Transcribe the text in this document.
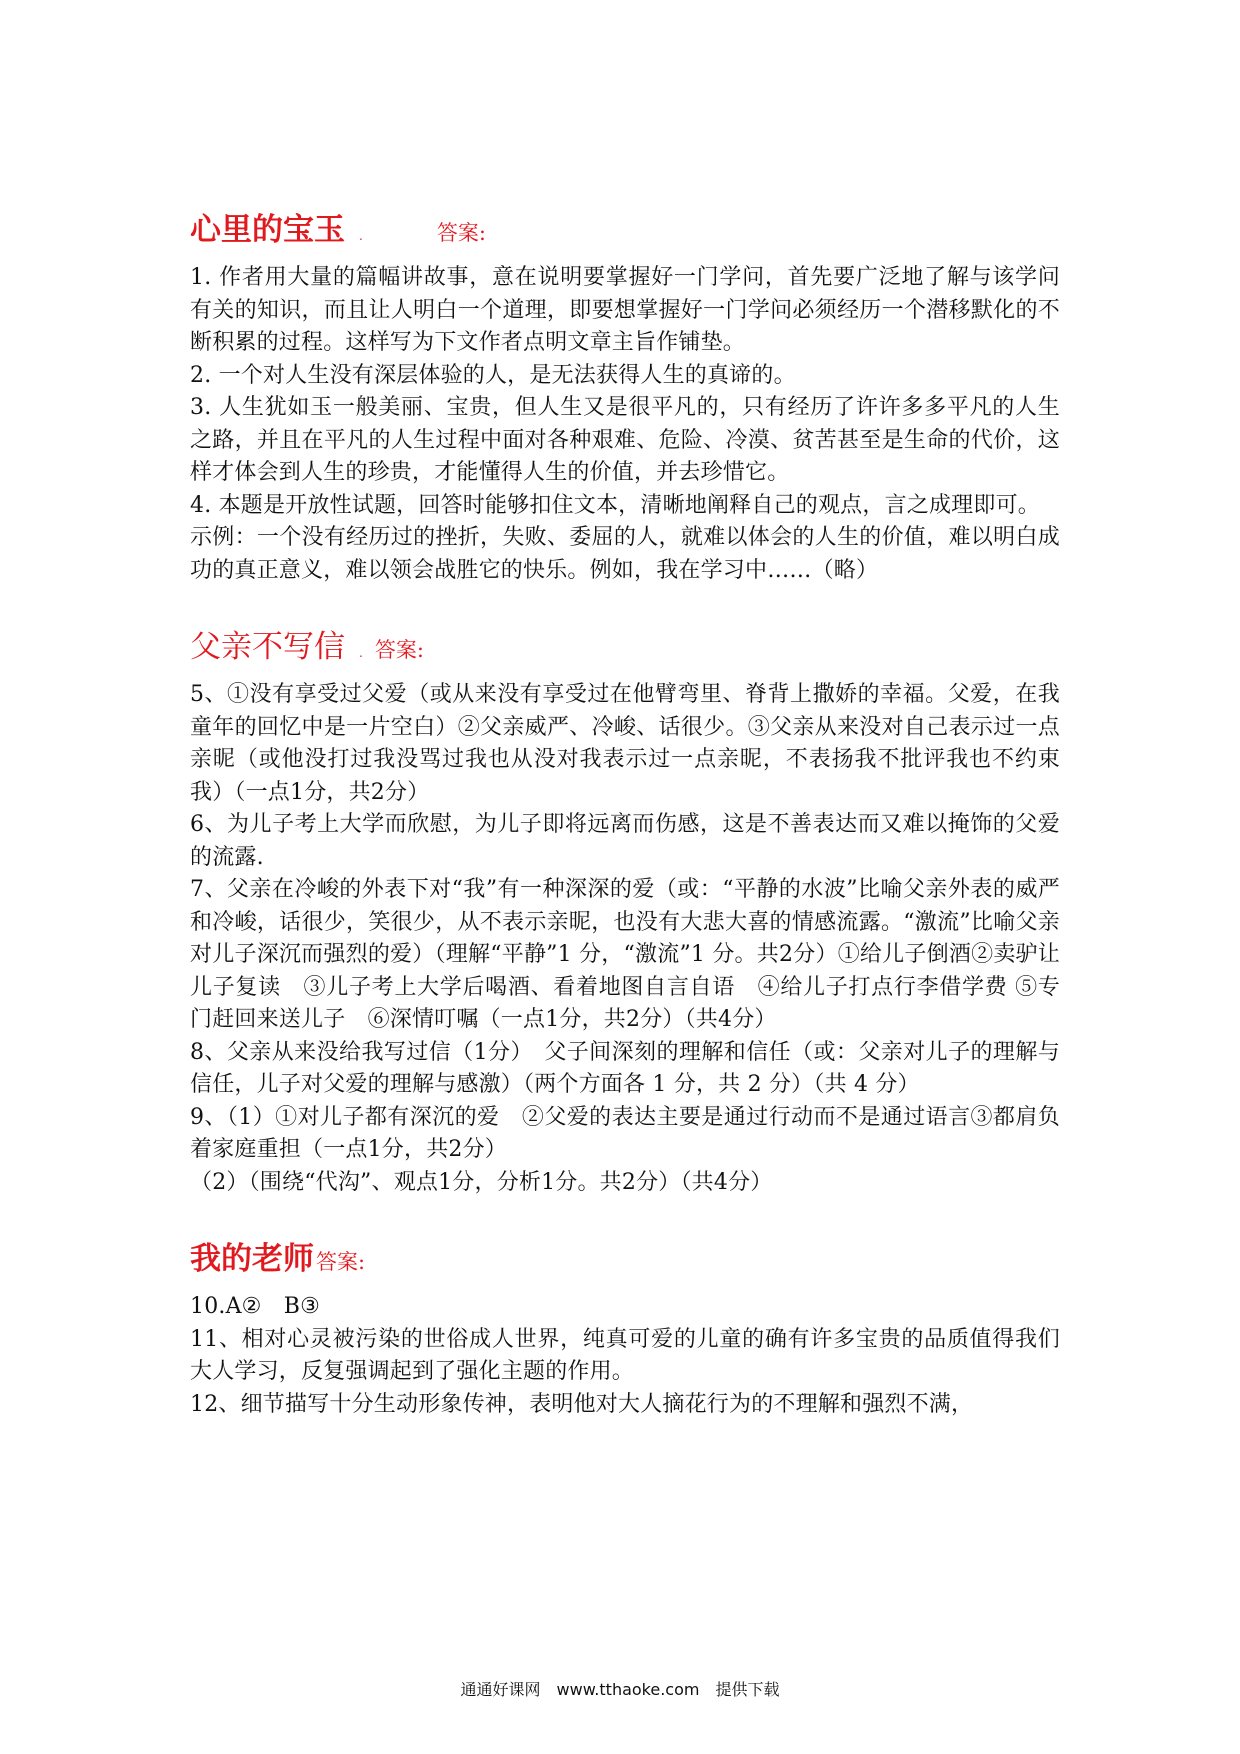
心里的宝玉 .	答案:

1. 作者用大量的篇幅讲故事，意在说明要掌握好一门学问，首先要广泛地了解与该学问有关的知识，而且让人明白一个道理，即要想掌握好一门学问必须经历一个潜移默化的不断积累的过程。这样写为下文作者点明文章主旨作铺垫。

2. 一个对人生没有深层体验的人，是无法获得人生的真谛的。

3. 人生犹如玉一般美丽、宝贵，但人生又是很平凡的，只有经历了许许多多平凡的人生之路，并且在平凡的人生过程中面对各种艰难、危险、冷漠、贫苦甚至是生命的代价，这样才体会到人生的珍贵，才能懂得人生的价值，并去珍惜它。

4. 本题是开放性试题，回答时能够扣住文本，清晰地阐释自己的观点，言之成理即可。

示例：一个没有经历过的挫折，失败、委屈的人，就难以体会的人生的价值，难以明白成功的真正意义，难以领会战胜它的快乐。例如，我在学习中……（略）

父亲不写信 . 答案:

5、①没有享受过父爱（或从来没有享受过在他臂弯里、脊背上撒娇的幸福。父爱，在我童年的回忆中是一片空白）②父亲威严、冷峻、话很少。③父亲从来没对自己表示过一点亲昵（或他没打过我没骂过我也从没对我表示过一点亲昵，不表扬我不批评我也不约束我）（一点1分，共2分）

6、为儿子考上大学而欣慰，为儿子即将远离而伤感，这是不善表达而又难以掩饰的父爱的流露.

7、父亲在冷峻的外表下对“我”有一种深深的爱（或：“平静的水波”比喻父亲外表的威严和冷峻，话很少，笑很少，从不表示亲昵，也没有大悲大喜的情感流露。“激流”比喻父亲对儿子深沉而强烈的爱）（理解“平静”1 分，“激流”1 分。共2分）①给儿子倒酒②卖驴让儿子复读　③儿子考上大学后喝酒、看着地图自言自语　④给儿子打点行李借学费 ⑤专门赶回来送儿子　⑥深情叮嘱（一点1分，共2分）（共4分）

8、父亲从来没给我写过信（1分）　父子间深刻的理解和信任（或：父亲对儿子的理解与信任，儿子对父爱的理解与感激）（两个方面各 1 分，共 2 分）（共 4 分）

9、（1）①对儿子都有深沉的爱　②父爱的表达主要是通过行动而不是通过语言③都肩负着家庭重担（一点1分，共2分）

（2）（围绕“代沟”、观点1分，分析1分。共2分）（共4分）

我的老师 答案:

10.A②　B③

11、相对心灵被污染的世俗成人世界，纯真可爱的儿童的确有许多宝贵的品质值得我们大人学习，反复强调起到了强化主题的作用。

12、细节描写十分生动形象传神，表明他对大人摘花行为的不理解和强烈不满，

通通好课网　www.tthaoke.com　提供下载
